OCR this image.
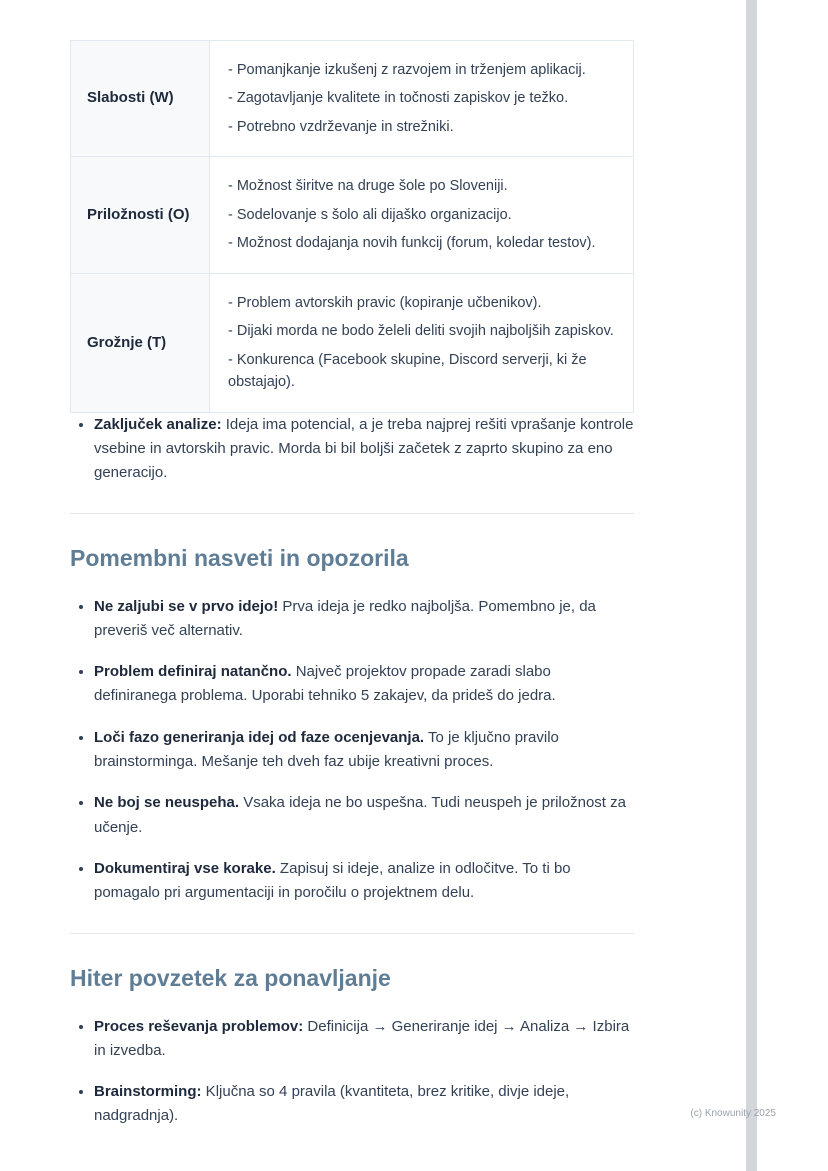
Slabosti (W)	- Pomanjkanje izkušenj z razvojem in trženjem aplikacij.
- Zagotavljanje kvalitete in točnosti zapiskov je težko.
- Potrebno vzdrževanje in strežniki.

Priložnosti (O)	- Možnost širitve na druge šole po Sloveniji.
- Sodelovanje s šolo ali dijaško organizacijo.
- Možnost dodajanja novih funkcij (forum, koledar testov).

Grožnje (T)	- Problem avtorskih pravic (kopiranje učbenikov).
- Dijaki morda ne bodo želeli deliti svojih najboljših zapiskov.
- Konkurenca (Facebook skupine, Discord serverji, ki že obstajajo).
• Zaključek analize: Ideja ima potencial, a je treba najprej rešiti vprašanje kontrole vsebine in avtorskih pravic. Morda bi bil boljši začetek z zaprto skupino za eno generacijo.
Pomembni nasveti in opozorila
• Ne zaljubi se v prvo idejo! Prva ideja je redko najboljša. Pomembno je, da preveriš več alternativ.
• Problem definiraj natančno. Največ projektov propade zaradi slabo definiranega problema. Uporabi tehniko 5 zakajev, da prideš do jedra.
• Loči fazo generiranja idej od faze ocenjevanja. To je ključno pravilo brainstorminga. Mešanje teh dveh faz ubije kreativni proces.
• Ne boj se neuspeha. Vsaka ideja ne bo uspešna. Tudi neuspeh je priložnost za učenje.
• Dokumentiraj vse korake. Zapisuj si ideje, analize in odločitve. To ti bo pomagalo pri argumentaciji in poročilu o projektnem delu.
Hiter povzetek za ponavljanje
• Proces reševanja problemov: Definicija → Generiranje idej → Analiza → Izbira in izvedba.
• Brainstorming: Ključna so 4 pravila (kvantiteta, brez kritike, divje ideje, nadgradnja).	(c) Knowunity 2025
